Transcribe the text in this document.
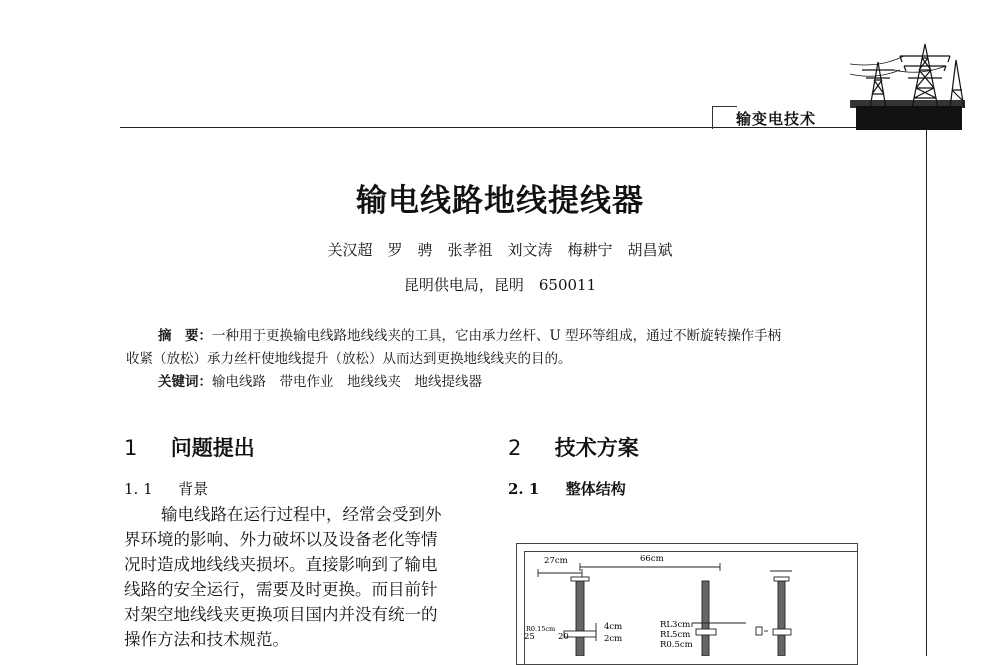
输变电技术
输电线路地线提线器
关汉超　罗　骋　张孝祖　刘文涛　梅耕宁　胡昌斌
昆明供电局，昆明　650011
摘　要：一种用于更换输电线路地线线夹的工具，它由承力丝杆、U 型环等组成，通过不断旋转操作手柄
收紧（放松）承力丝杆使地线提升（放松）从而达到更换地线线夹的目的。
关键词：输电线路　带电作业　地线线夹　地线提线器
1 问题提出
1. 1 背景
输电线路在运行过程中，经常会受到外
界环境的影响、外力破坏以及设备老化等情
况时造成地线线夹损坏。直接影响到了输电
线路的安全运行，需要及时更换。而目前针
对架空地线线夹更换项目国内并没有统一的
操作方法和技术规范。
2 技术方案
2. 1 整体结构
27cm	66cm
4cm
2cm
20
25
R0.15cm	RL3cm
RL5cm
R0.5cm
